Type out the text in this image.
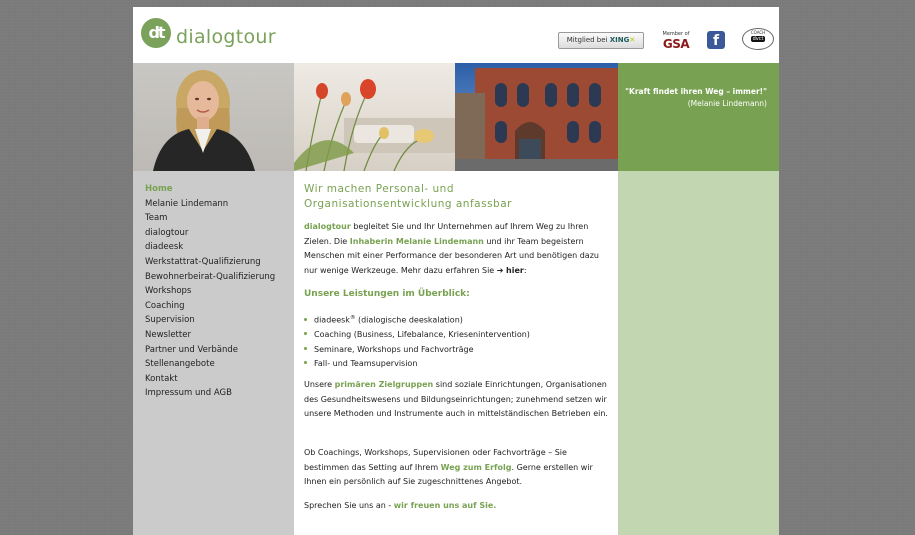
dt dialogtour	Mitglied bei XING✕
Member of
GSA	f
COACH
dvct
"Kraft findet ihren Weg – immer!"
(Melanie Lindemann)
Home
Melanie Lindemann
Team
dialogtour
diadeesk
Werkstattrat-Qualifizierung
Bewohnerbeirat-Qualifizierung
Workshops
Coaching
Supervision
Newsletter
Partner und Verbände
Stellenangebote
Kontakt
Impressum und AGB
Wir machen Personal- und
Organisationsentwicklung anfassbar
dialogtour begleitet Sie und Ihr Unternehmen auf Ihrem Weg zu Ihren Zielen. Die Inhaberin Melanie Lindemann und ihr Team begeistern Menschen mit einer Performance der besonderen Art und benötigen dazu nur wenige Werkzeuge. Mehr dazu erfahren Sie ➔ hier:
Unsere Leistungen im Überblick:
diadeesk® (dialogische deeskalation)
Coaching (Business, Lifebalance, Kriesenintervention)
Seminare, Workshops und Fachvorträge
Fall- und Teamsupervision
Unsere primären Zielgruppen sind soziale Einrichtungen, Organisationen des Gesundheitswesens und Bildungseinrichtungen; zunehmend setzen wir unsere Methoden und Instrumente auch in mittelständischen Betrieben ein.
Ob Coachings, Workshops, Supervisionen oder Fachvorträge – Sie bestimmen das Setting auf Ihrem Weg zum Erfolg. Gerne erstellen wir Ihnen ein persönlich auf Sie zugeschnittenes Angebot.
Sprechen Sie uns an - wir freuen uns auf Sie.
